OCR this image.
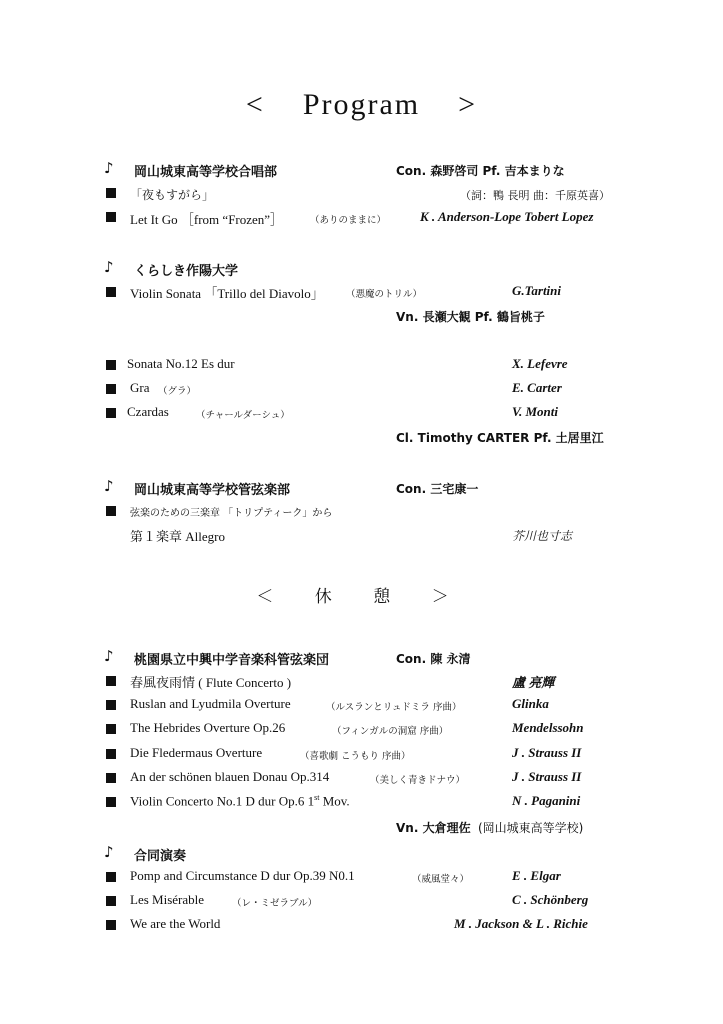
< Program >
♪ 岡山城東高等学校合唱部	Con. 森野啓司 Pf. 吉本まりな
「夜もすがら」	（詞：鴨 長明 曲：千原英喜）
Let It Go ［from “Frozen”］	（ありのままに）	K . Anderson-Lope Tobert Lopez
♪ くらしき作陽大学
Violin Sonata 「Trillo del Diavolo」 （悪魔のトリル）	G.Tartini
Vn. 長瀬大観 Pf. 鶴旨桃子
Sonata No.12 Es dur	X. Lefevre
Gra （グラ）	E. Carter
Czardas	（チャールダーシュ）	V. Monti
Cl. Timothy CARTER Pf. 土居里江
♪ 岡山城東高等学校管弦楽部	Con. 三宅康一
弦楽のための三楽章 「トリプティーク」から
第１楽章 Allegro	芥川也寸志
＜ 休 憩 ＞
♪ 桃園県立中興中学音楽科管弦楽団	Con. 陳 永清
春風夜雨情 ( Flute Concerto )	盧 亮輝
Ruslan and Lyudmila Overture	（ルスランとリュドミラ 序曲）	Glinka
The Hebrides Overture Op.26	（フィンガルの洞窟 序曲）	Mendelssohn
Die Fledermaus Overture	（喜歌劇 こうもり 序曲）	J . Strauss II
An der schönen blauen Donau Op.314	（美しく青きドナウ）	J . Strauss II
Violin Concerto No.1 D dur Op.6 1st Mov.	N . Paganini
Vn. 大倉理佐 (岡山城東高等学校)
♪ 合同演奏
Pomp and Circumstance D dur Op.39 N0.1	（威風堂々）	E . Elgar
Les Misérable	（レ・ミゼラブル）	C . Schönberg
We are the World	M . Jackson & L . Richie
